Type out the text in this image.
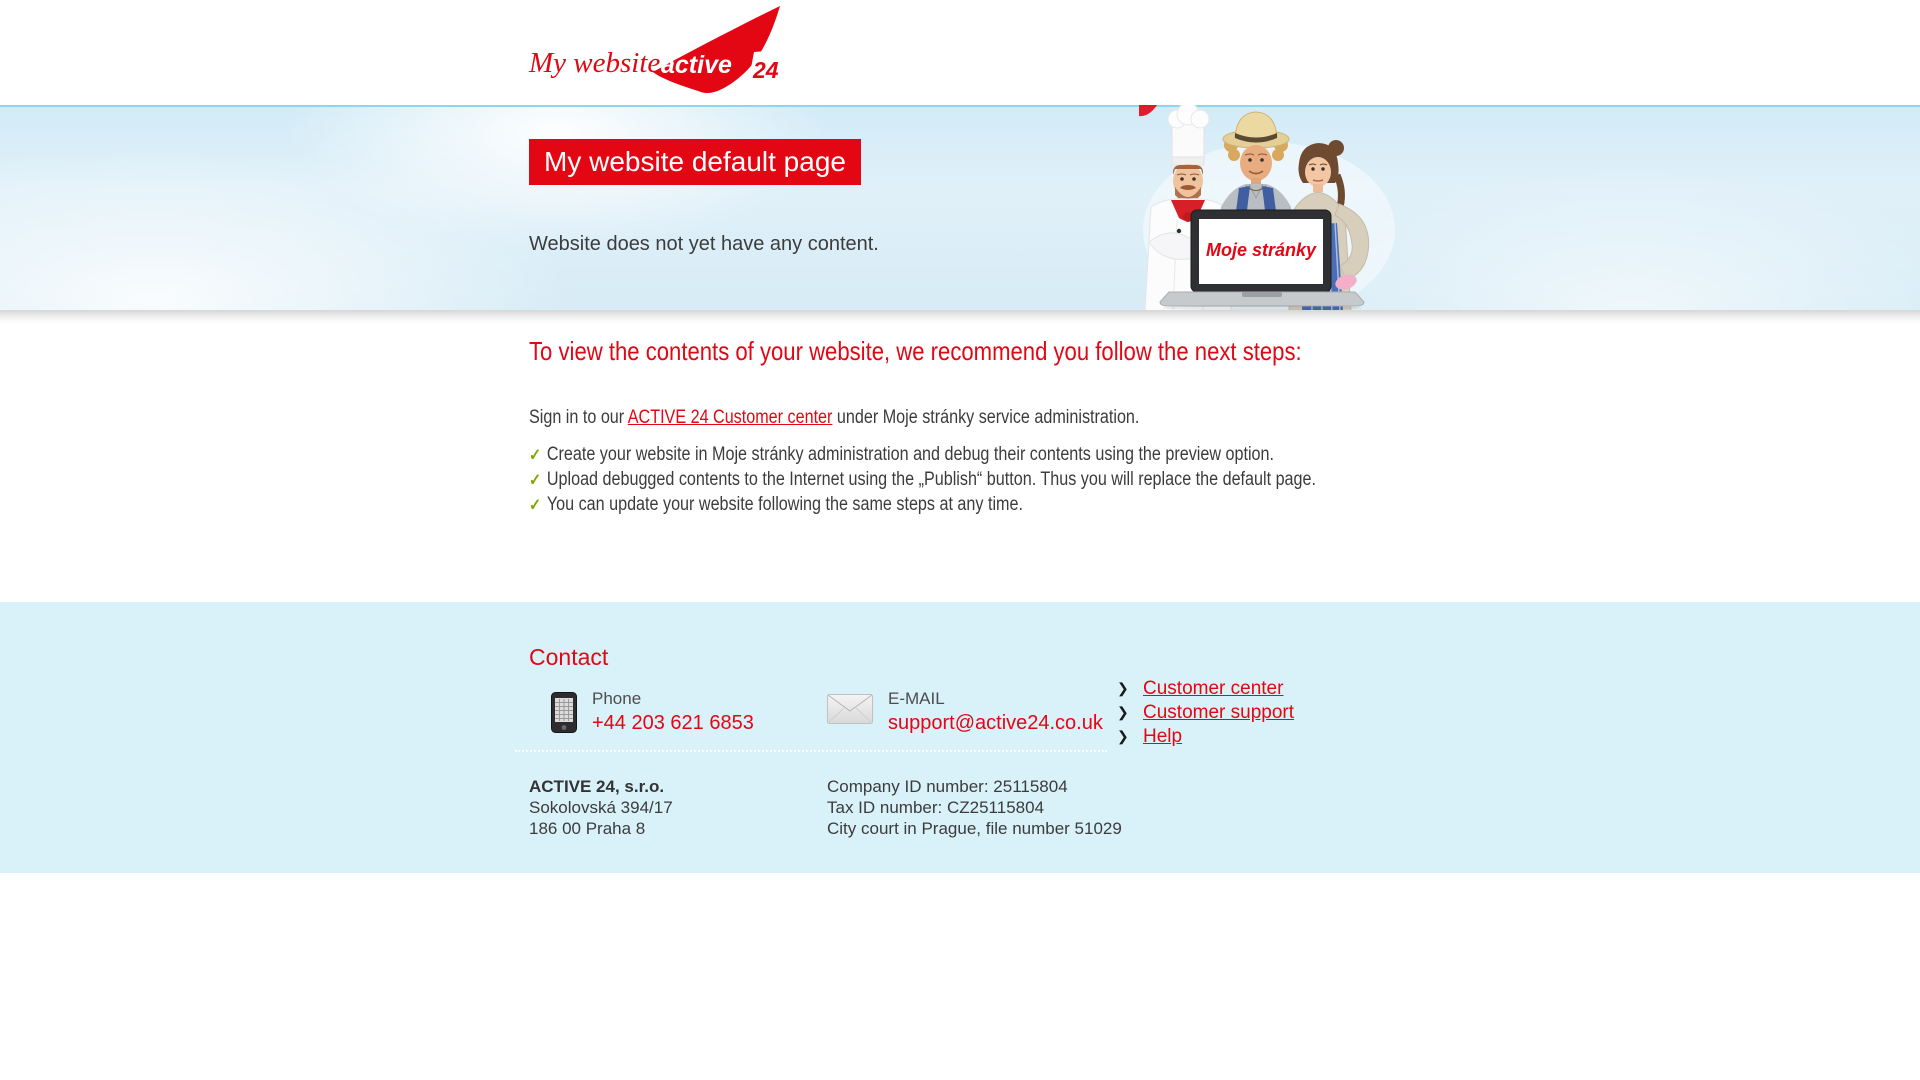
My website active 24
My website default page
Website does not yet have any content.	Moje stránky
To view the contents of your website, we recommend you follow the next steps:

Sign in to our ACTIVE 24 Customer center under Moje stránky service administration.

✓ Create your website in Moje stránky administration and debug their contents using the preview option.
✓ Upload debugged contents to the Internet using the „Publish“ button. Thus you will replace the default page.
✓ You can update your website following the same steps at any time.
Contact
Phone
+44 203 621 6853
E-MAIL
support@active24.co.uk
❯ Customer center
❯ Customer support
❯ Help
ACTIVE 24, s.r.o.
Sokolovská 394/17
186 00 Praha 8
Company ID number: 25115804
Tax ID number: CZ25115804
City court in Prague, file number 51029
